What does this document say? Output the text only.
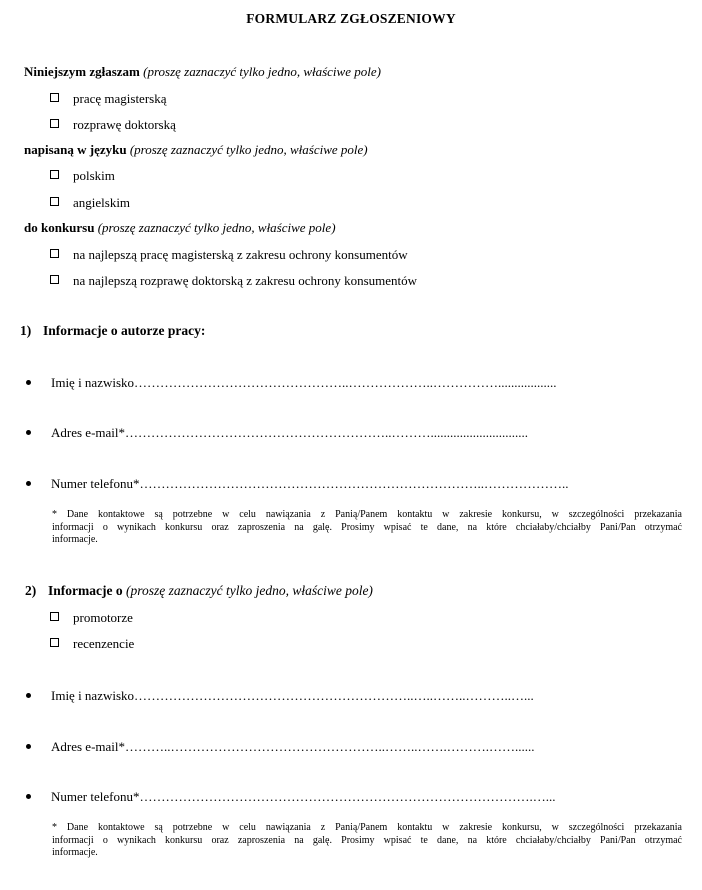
FORMULARZ ZGŁOSZENIOWY
Niniejszym zgłaszam (proszę zaznaczyć tylko jedno, właściwe pole)
pracę magisterską
rozprawę doktorską
napisaną w języku (proszę zaznaczyć tylko jedno, właściwe pole)
polskim
angielskim
do konkursu (proszę zaznaczyć tylko jedno, właściwe pole)
na najlepszą pracę magisterską z zakresu ochrony konsumentów
na najlepszą rozprawę doktorską z zakresu ochrony konsumentów
1) Informacje o autorze pracy:
Imię i nazwisko…………………………………………..………………..……………..................
Adres e-mail*……………………………………………………..………..............................
Numer telefonu*……………………………………………………………………..………………..
* Dane kontaktowe są potrzebne w celu nawiązania z Panią/Panem kontaktu w zakresie konkursu, w szczególności przekazania
informacji o wynikach konkursu oraz zaproszenia na galę. Prosimy wpisać te dane, na które chciałaby/chciałby Pani/Pan otrzymać
informacje.
2) Informacje o (proszę zaznaczyć tylko jedno, właściwe pole)
promotorze
recenzencie
Imię i nazwisko………………………………………………………..…..……..………..…...
Adres e-mail*………..…………………………………………..……..…….……….……......
Numer telefonu*……………………………………………………………………………….…...
* Dane kontaktowe są potrzebne w celu nawiązania z Panią/Panem kontaktu w zakresie konkursu, w szczególności przekazania
informacji o wynikach konkursu oraz zaproszenia na galę. Prosimy wpisać te dane, na które chciałaby/chciałby Pani/Pan otrzymać
informacje.
